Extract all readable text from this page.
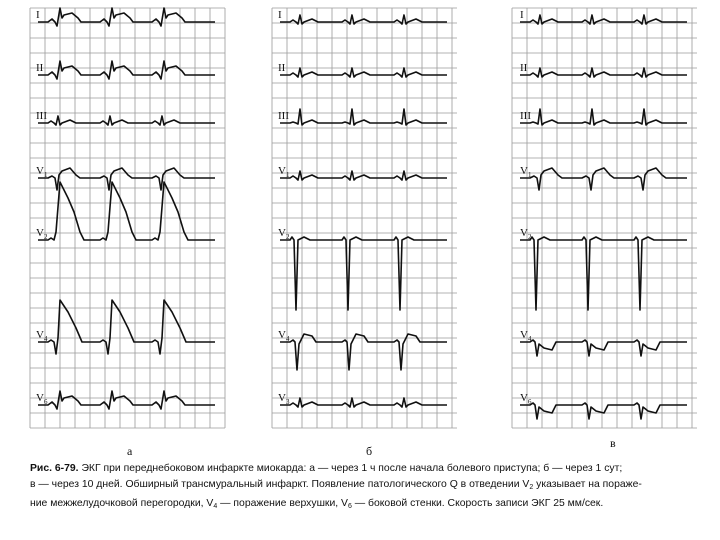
I
II
III
$V_1$
$V_2$
$V_4$
$V_6$
а
I
II
III
$V_1$
$V_2$
$V_4$
$V_3$
б
I
II
III
$V_1$
$V_2$
$V_4$
$V_6$
в
Рис. 6-79. ЭКГ при переднебоковом инфаркте миокарда: а — через 1 ч после начала болевого приступа; б — через 1 сут;
в — через 10 дней. Обширный трансмуральный инфаркт. Появление патологического Q в отведении $V_2$ указывает на пораже-
ние межжелудочковой перегородки, $V_4$ — поражение верхушки, $V_6$ — боковой стенки. Скорость записи ЭКГ 25 мм/сек.
